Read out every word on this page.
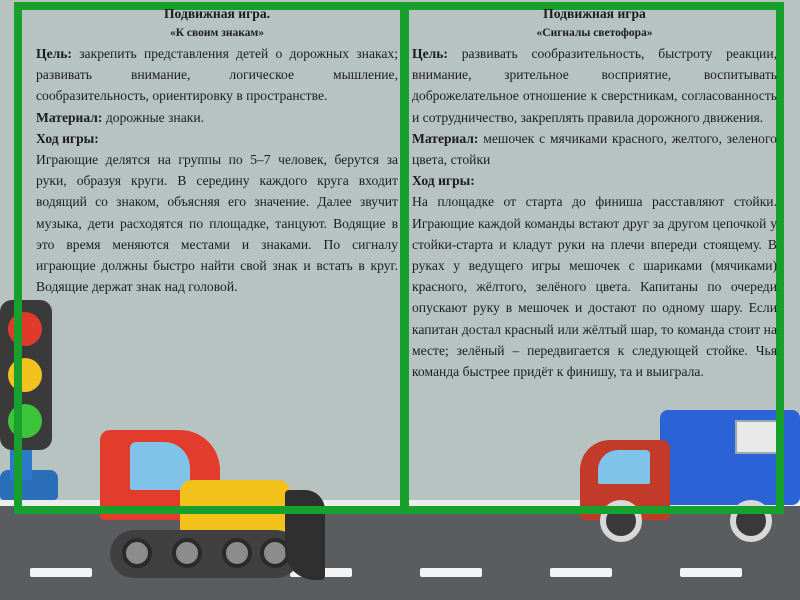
Подвижная игра.
«К своим знакам»

Цель: закрепить представления детей о дорожных знаках; развивать внимание, логическое мышление, сообразительность, ориентировку в пространстве.

Материал: дорожные знаки.

Ход игры:

Играющие делятся на группы по 5–7 человек, берутся за руки, образуя круги. В середину каждого круга входит водящий со знаком, объясняя его значение. Далее звучит музыка, дети расходятся по площадке, танцуют. Водящие в это время меняются местами и знаками. По сигналу играющие должны быстро найти свой знак и встать в круг. Водящие держат знак над головой.

Подвижная игра
«Сигналы светофора»

Цель: развивать сообразительность, быстроту реакции, внимание, зрительное восприятие, воспитывать доброжелательное отношение к сверстникам, согласованность и сотрудничество, закреплять правила дорожного движения.

Материал: мешочек с мячиками красного, желтого, зеленого цвета, стойки

Ход игры:

На площадке от старта до финиша расставляют стойки. Играющие каждой команды встают друг за другом цепочкой у стойки-старта и кладут руки на плечи впереди стоящему. В руках у ведущего игры мешочек с шариками (мячиками) красного, жёлтого, зелёного цвета. Капитаны по очереди опускают руку в мешочек и достают по одному шару. Если капитан достал красный или жёлтый шар, то команда стоит на месте; зелёный – передвигается к следующей стойке. Чья команда быстрее придёт к финишу, та и выиграла.
